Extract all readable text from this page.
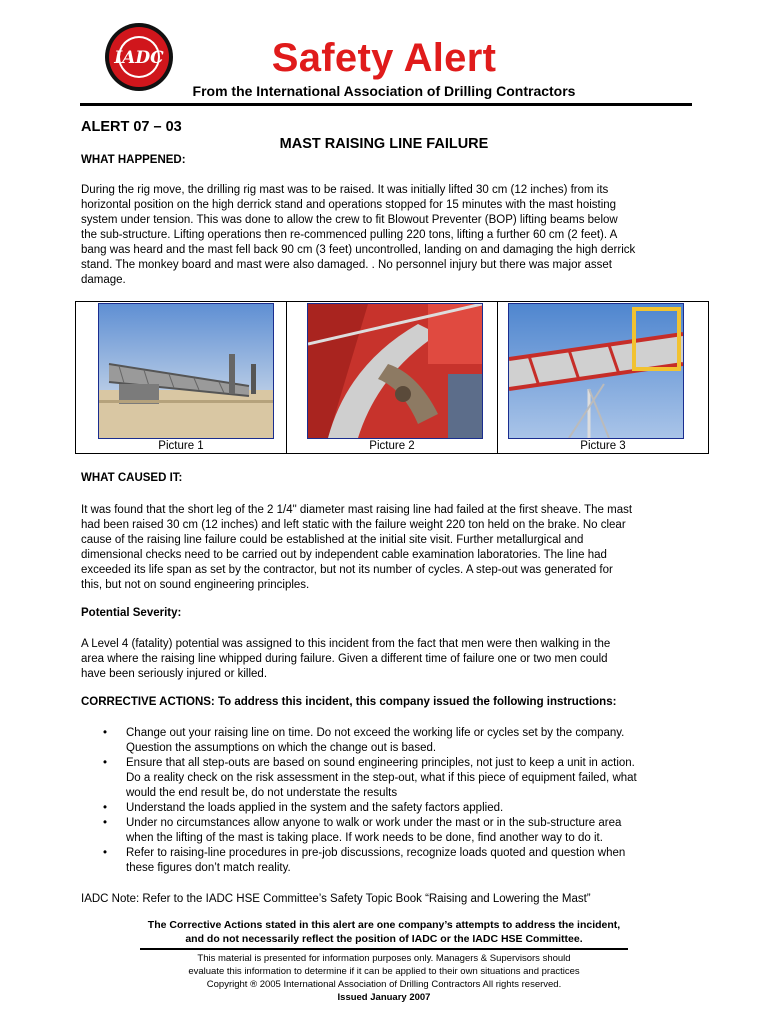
IADC	Safety Alert
From the International Association of Drilling Contractors
ALERT 07 – 03
MAST RAISING LINE FAILURE
WHAT HAPPENED:
During the rig move, the drilling rig mast was to be raised. It was initially lifted 30 cm (12 inches) from its
horizontal position on the high derrick stand and operations stopped for 15 minutes with the mast hoisting
system under tension. This was done to allow the crew to fit Blowout Preventer (BOP) lifting beams below
the sub-structure. Lifting operations then re-commenced pulling 220 tons, lifting a further 60 cm (2 feet). A
bang was heard and the mast fell back 90 cm (3 feet) uncontrolled, landing on and damaging the high derrick
stand. The monkey board and mast were also damaged. . No personnel injury but there was major asset
damage.
Picture 1	Picture 2	Picture 3
WHAT CAUSED IT:
It was found that the short leg of the 2 1/4" diameter mast raising line had failed at the first sheave. The mast
had been raised 30 cm (12 inches) and left static with the failure weight 220 ton held on the brake. No clear
cause of the raising line failure could be established at the initial site visit. Further metallurgical and
dimensional checks need to be carried out by independent cable examination laboratories. The line had
exceeded its life span as set by the contractor, but not its number of cycles. A step-out was generated for
this, but not on sound engineering principles.
Potential Severity:
A Level 4 (fatality) potential was assigned to this incident from the fact that men were then walking in the
area where the raising line whipped during failure. Given a different time of failure one or two men could
have been seriously injured or killed.
CORRECTIVE ACTIONS: To address this incident, this company issued the following instructions:
• Change out your raising line on time. Do not exceed the working life or cycles set by the company.
Question the assumptions on which the change out is based.
• Ensure that all step-outs are based on sound engineering principles, not just to keep a unit in action.
Do a reality check on the risk assessment in the step-out, what if this piece of equipment failed, what
would the end result be, do not understate the results
• Understand the loads applied in the system and the safety factors applied.
• Under no circumstances allow anyone to walk or work under the mast or in the sub-structure area
when the lifting of the mast is taking place. If work needs to be done, find another way to do it.
• Refer to raising-line procedures in pre-job discussions, recognize loads quoted and question when
these figures don’t match reality.
IADC Note: Refer to the IADC HSE Committee’s Safety Topic Book “Raising and Lowering the Mast”
The Corrective Actions stated in this alert are one company’s attempts to address the incident,
and do not necessarily reflect the position of IADC or the IADC HSE Committee.
This material is presented for information purposes only. Managers & Supervisors should
evaluate this information to determine if it can be applied to their own situations and practices
Copyright ® 2005 International Association of Drilling Contractors All rights reserved.
Issued January 2007
